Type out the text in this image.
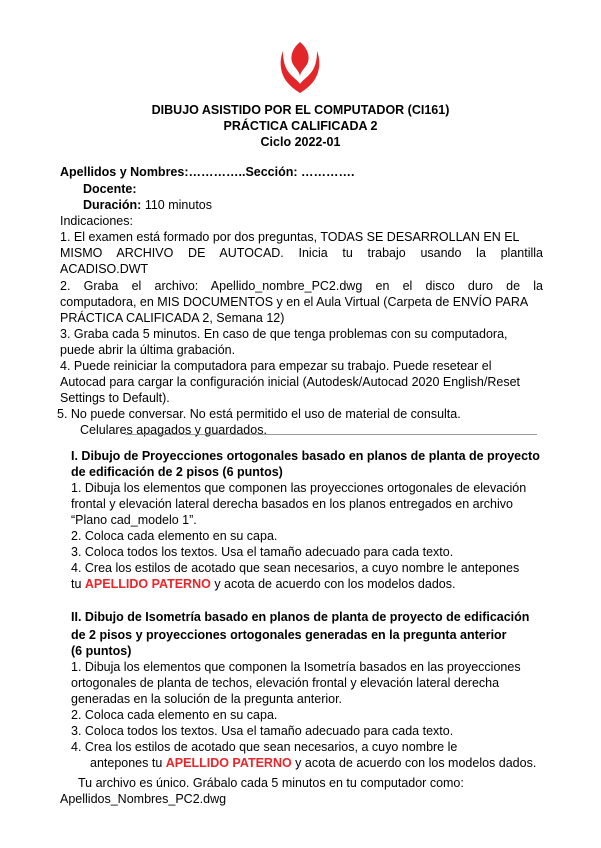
DIBUJO ASISTIDO POR EL COMPUTADOR (CI161)
PRÁCTICA CALIFICADA 2
Ciclo 2022-01
Apellidos y Nombres:…………..Sección: ………….
Docente:
Duración: 110 minutos
Indicaciones:
1. El examen está formado por dos preguntas, TODAS SE DESARROLLAN EN EL
MISMO ARCHIVO DE AUTOCAD. Inicia tu trabajo usando la plantilla
ACADISO.DWT
2. Graba el archivo: Apellido_nombre_PC2.dwg en el disco duro de la
computadora, en MIS DOCUMENTOS y en el Aula Virtual (Carpeta de ENVÍO PARA
PRÁCTICA CALIFICADA 2, Semana 12)
3. Graba cada 5 minutos. En caso de que tenga problemas con su computadora,
puede abrir la última grabación.
4. Puede reiniciar la computadora para empezar su trabajo. Puede resetear el
Autocad para cargar la configuración inicial (Autodesk/Autocad 2020 English/Reset
Settings to Default).
5. No puede conversar. No está permitido el uso de material de consulta.
Celulares apagados y guardados.
I. Dibujo de Proyecciones ortogonales basado en planos de planta de proyecto
de edificación de 2 pisos (6 puntos)
1. Dibuja los elementos que componen las proyecciones ortogonales de elevación
frontal y elevación lateral derecha basados en los planos entregados en archivo
“Plano cad_modelo 1”.
2. Coloca cada elemento en su capa.
3. Coloca todos los textos. Usa el tamaño adecuado para cada texto.
4. Crea los estilos de acotado que sean necesarios, a cuyo nombre le antepones
tu APELLIDO PATERNO y acota de acuerdo con los modelos dados.
II. Dibujo de Isometría basado en planos de planta de proyecto de edificación
de 2 pisos y proyecciones ortogonales generadas en la pregunta anterior
(6 puntos)
1. Dibuja los elementos que componen la Isometría basados en las proyecciones
ortogonales de planta de techos, elevación frontal y elevación lateral derecha
generadas en la solución de la pregunta anterior.
2. Coloca cada elemento en su capa.
3. Coloca todos los textos. Usa el tamaño adecuado para cada texto.
4. Crea los estilos de acotado que sean necesarios, a cuyo nombre le
antepones tu APELLIDO PATERNO y acota de acuerdo con los modelos dados.
Tu archivo es único. Grábalo cada 5 minutos en tu computador como:
Apellidos_Nombres_PC2.dwg
